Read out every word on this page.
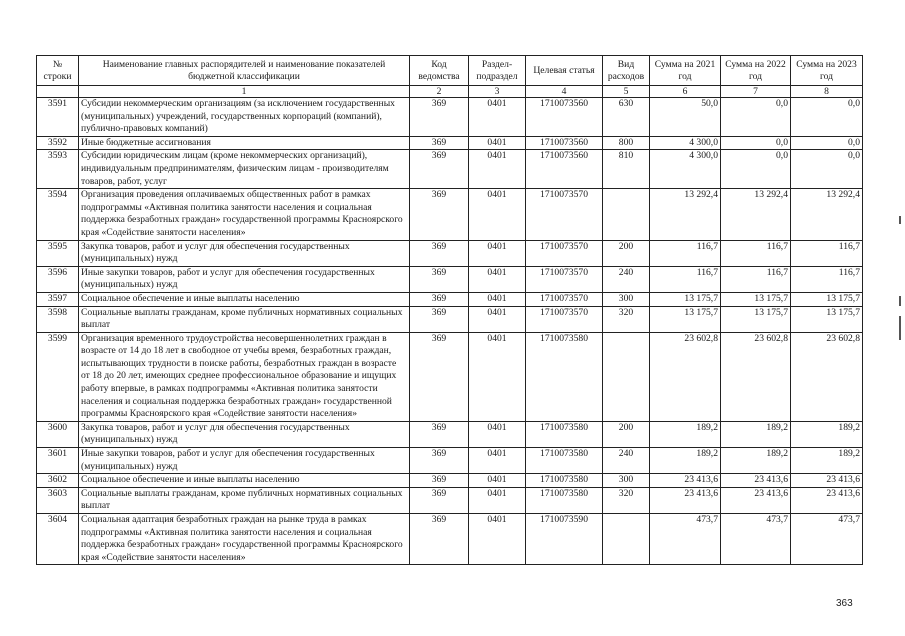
№ строки	Наименование главных распорядителей и наименование показателей бюджетной классификации	Код ведомства	Раздел-подраздел	Целевая статья	Вид расходов	Сумма на 2021 год	Сумма на 2022 год	Сумма на 2023 год
	1	2	3	4	5	6	7	8
3591	Субсидии некоммерческим организациям (за исключением государственных (муниципальных) учреждений, государственных корпораций (компаний), публично-правовых компаний)	369	0401	1710073560	630	50,0	0,0	0,0
3592	Иные бюджетные ассигнования	369	0401	1710073560	800	4 300,0	0,0	0,0
3593	Субсидии юридическим лицам (кроме некоммерческих организаций), индивидуальным предпринимателям, физическим лицам - производителям товаров, работ, услуг	369	0401	1710073560	810	4 300,0	0,0	0,0
3594	Организация проведения оплачиваемых общественных работ в рамках подпрограммы «Активная политика занятости населения и социальная поддержка безработных граждан» государственной программы Красноярского края «Содействие занятости населения»	369	0401	1710073570		13 292,4	13 292,4	13 292,4
3595	Закупка товаров, работ и услуг для обеспечения государственных (муниципальных) нужд	369	0401	1710073570	200	116,7	116,7	116,7
3596	Иные закупки товаров, работ и услуг для обеспечения государственных (муниципальных) нужд	369	0401	1710073570	240	116,7	116,7	116,7
3597	Социальное обеспечение и иные выплаты населению	369	0401	1710073570	300	13 175,7	13 175,7	13 175,7
3598	Социальные выплаты гражданам, кроме публичных нормативных социальных выплат	369	0401	1710073570	320	13 175,7	13 175,7	13 175,7
3599	Организация временного трудоустройства несовершеннолетних граждан в возрасте от 14 до 18 лет в свободное от учебы время, безработных граждан, испытывающих трудности в поиске работы, безработных граждан в возрасте от 18 до 20 лет, имеющих среднее профессиональное образование и ищущих работу впервые, в рамках подпрограммы «Активная политика занятости населения и социальная поддержка безработных граждан» государственной программы Красноярского края «Содействие занятости населения»	369	0401	1710073580		23 602,8	23 602,8	23 602,8
3600	Закупка товаров, работ и услуг для обеспечения государственных (муниципальных) нужд	369	0401	1710073580	200	189,2	189,2	189,2
3601	Иные закупки товаров, работ и услуг для обеспечения государственных (муниципальных) нужд	369	0401	1710073580	240	189,2	189,2	189,2
3602	Социальное обеспечение и иные выплаты населению	369	0401	1710073580	300	23 413,6	23 413,6	23 413,6
3603	Социальные выплаты гражданам, кроме публичных нормативных социальных выплат	369	0401	1710073580	320	23 413,6	23 413,6	23 413,6
3604	Социальная адаптация безработных граждан на рынке труда в рамках подпрограммы «Активная политика занятости населения и социальная поддержка безработных граждан» государственной программы Красноярского края «Содействие занятости населения»	369	0401	1710073590		473,7	473,7	473,7
363
